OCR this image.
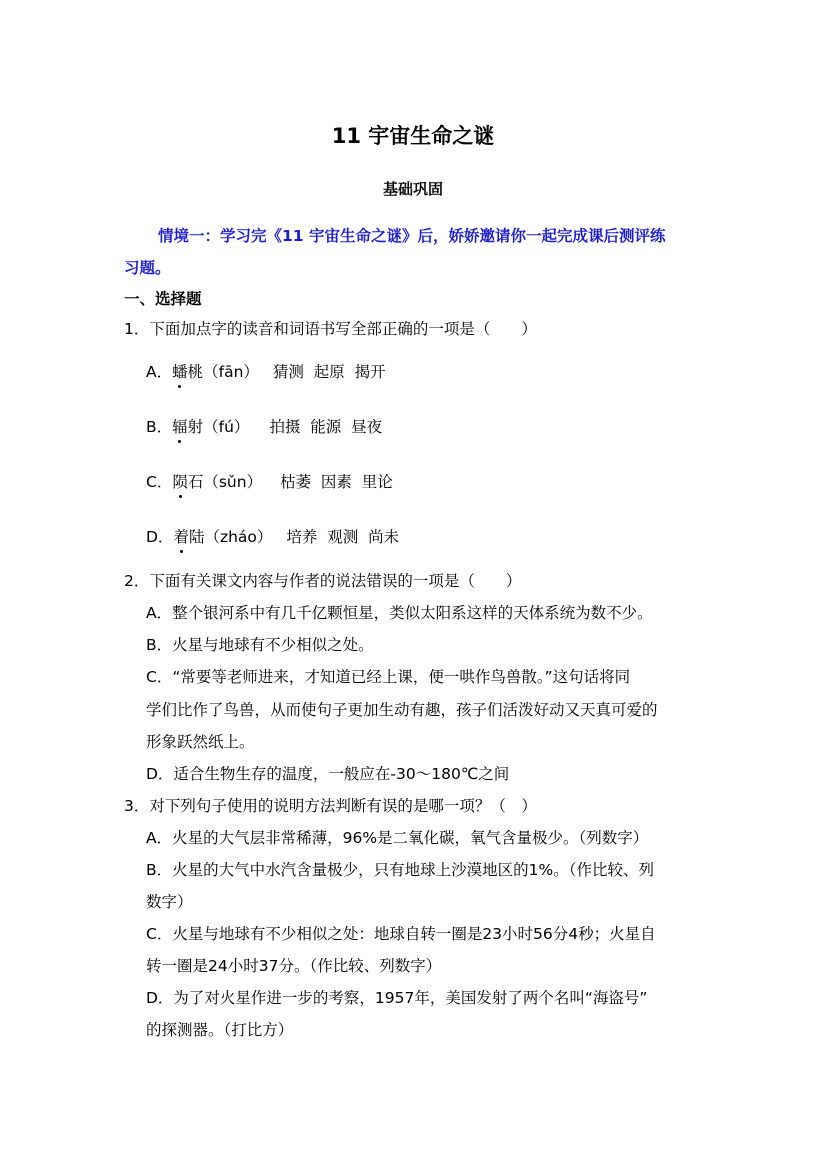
11 宇宙生命之谜
基础巩固
情境一：学习完《11 宇宙生命之谜》后，娇娇邀请你一起完成课后测评练
习题。
一、选择题
1．下面加点字的读音和词语书写全部正确的一项是（　　）
A．蟠桃（fān） 猜测  起原  揭开
B．辐射（fú） 拍摄  能源  昼夜
C．陨石（sǔn） 枯萎  因素  里论
D．着陆（zháo） 培养  观测  尚未
2．下面有关课文内容与作者的说法错误的一项是（　　）
A．整个银河系中有几千亿颗恒星，类似太阳系这样的天体系统为数不少。
B．火星与地球有不少相似之处。
C．“常要等老师进来，才知道已经上课，便一哄作鸟兽散。”这句话将同
学们比作了鸟兽，从而使句子更加生动有趣，孩子们活泼好动又天真可爱的
形象跃然纸上。
D．适合生物生存的温度，一般应在-30～180℃之间
3．对下列句子使用的说明方法判断有误的是哪一项？（　）
A．火星的大气层非常稀薄，96%是二氧化碳，氧气含量极少。（列数字）
B．火星的大气中水汽含量极少，只有地球上沙漠地区的1%。（作比较、列
数字）
C．火星与地球有不少相似之处：地球自转一圈是23小时56分4秒；火星自
转一圈是24小时37分。（作比较、列数字）
D．为了对火星作进一步的考察，1957年，美国发射了两个名叫“海盗号”
的探测器。（打比方）
